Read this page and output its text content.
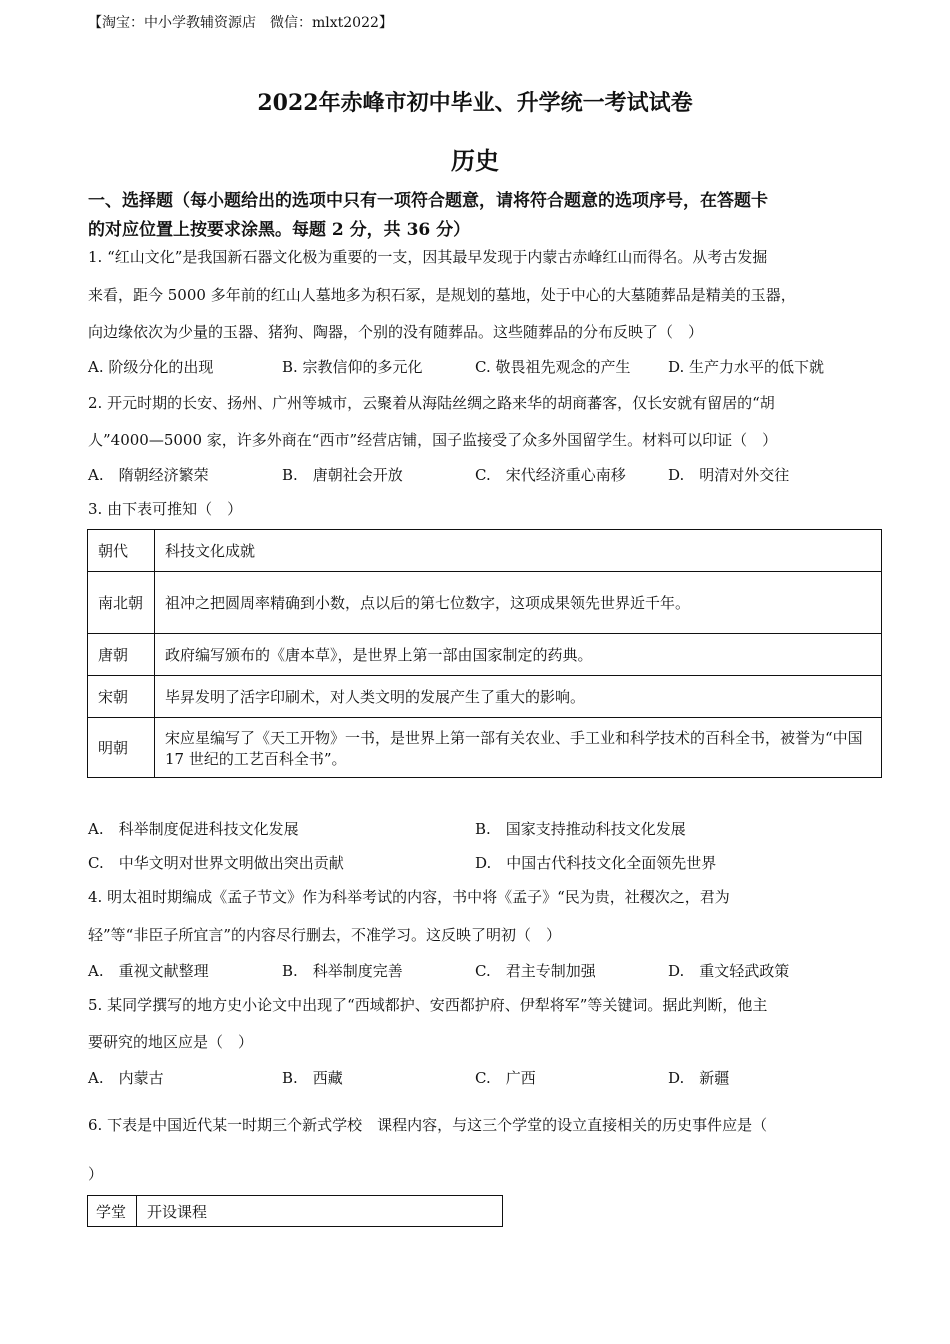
【淘宝：中小学教辅资源店　微信：mlxt2022】
2022年赤峰市初中毕业、升学统一考试试卷
历史
一、选择题（每小题给出的选项中只有一项符合题意，请将符合题意的选项序号，在答题卡
的对应位置上按要求涂黑。每题 2 分，共 36 分）
1. “红山文化”是我国新石器文化极为重要的一支，因其最早发现于内蒙古赤峰红山而得名。从考古发掘
来看，距今 5000 多年前的红山人墓地多为积石冢，是规划的墓地，处于中心的大墓随葬品是精美的玉器，
向边缘依次为少量的玉器、猪狗、陶器，个别的没有随葬品。这些随葬品的分布反映了（　）
A. 阶级分化的出现	B. 宗教信仰的多元化	C. 敬畏祖先观念的产生	D. 生产力水平的低下就
2. 开元时期的长安、扬州、广州等城市，云聚着从海陆丝绸之路来华的胡商蕃客，仅长安就有留居的“胡
人”4000—5000 家，许多外商在“西市”经营店铺，国子监接受了众多外国留学生。材料可以印证（　）
A.　隋朝经济繁荣	B.　唐朝社会开放	C.　宋代经济重心南移	D.　明清对外交往
3. 由下表可推知（　）
朝代	科技文化成就
南北朝	祖冲之把圆周率精确到小数，点以后的第七位数字，这项成果领先世界近千年。
唐朝	政府编写颁布的《唐本草》，是世界上第一部由国家制定的药典。
宋朝	毕昇发明了活字印刷术，对人类文明的发展产生了重大的影响。
明朝	宋应星编写了《天工开物》一书，是世界上第一部有关农业、手工业和科学技术的百科全书，被誉为“中国 17 世纪的工艺百科全书”。
A.　科举制度促进科技文化发展	B.　国家支持推动科技文化发展
C.　中华文明对世界文明做出突出贡献	D.　中国古代科技文化全面领先世界
4. 明太祖时期编成《孟子节文》作为科举考试的内容，书中将《孟子》“民为贵，社稷次之，君为
轻”等“非臣子所宜言”的内容尽行删去，不准学习。这反映了明初（　）
A.　重视文献整理	B.　科举制度完善	C.　君主专制加强	D.　重文轻武政策
5. 某同学撰写的地方史小论文中出现了“西域都护、安西都护府、伊犁将军”等关键词。据此判断，他主
要研究的地区应是（　）
A.　内蒙古	B.　西藏	C.　广西	D.　新疆
6. 下表是中国近代某一时期三个新式学校　课程内容，与这三个学堂的设立直接相关的历史事件应是（
）
学堂	开设课程
